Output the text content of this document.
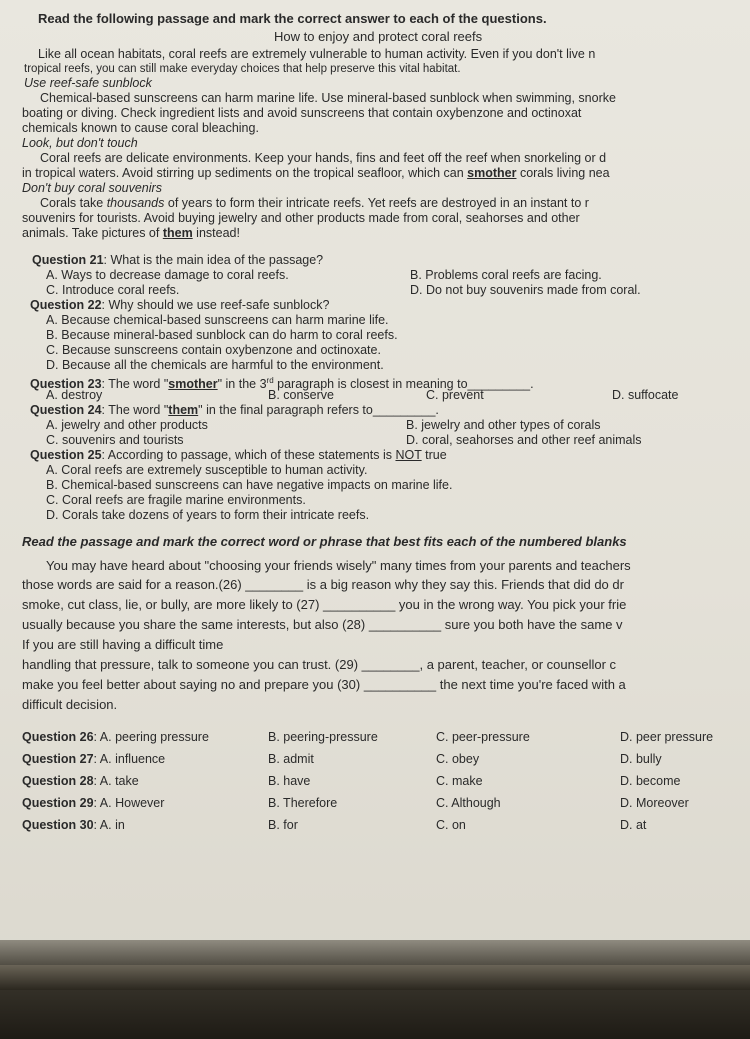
Read the following passage and mark the correct answer to each of the questions.
How to enjoy and protect coral reefs
Like all ocean habitats, coral reefs are extremely vulnerable to human activity. Even if you don't live n
tropical reefs, you can still make everyday choices that help preserve this vital habitat.
Use reef-safe sunblock
Chemical-based sunscreens can harm marine life. Use mineral-based sunblock when swimming, snorke
boating or diving. Check ingredient lists and avoid sunscreens that contain oxybenzone and octinoxat
chemicals known to cause coral bleaching.
Look, but don't touch
Coral reefs are delicate environments. Keep your hands, fins and feet off the reef when snorkeling or d
in tropical waters. Avoid stirring up sediments on the tropical seafloor, which can smother corals living nea
Don't buy coral souvenirs
Corals take thousands of years to form their intricate reefs. Yet reefs are destroyed in an instant to r
souvenirs for tourists. Avoid buying jewelry and other products made from coral, seahorses and other
animals. Take pictures of them instead!
Question 21: What is the main idea of the passage?
A. Ways to decrease damage to coral reefs.	B. Problems coral reefs are facing.
C. Introduce coral reefs.	D. Do not buy souvenirs made from coral.
Question 22: Why should we use reef-safe sunblock?
A. Because chemical-based sunscreens can harm marine life.
B. Because mineral-based sunblock can do harm to coral reefs.
C. Because sunscreens contain oxybenzone and octinoxate.
D. Because all the chemicals are harmful to the environment.
Question 23: The word "smother" in the 3rd paragraph is closest in meaning to_________.
A. destroy	B. conserve	C. prevent	D. suffocate
Question 24: The word "them" in the final paragraph refers to_________.
A. jewelry and other products	B. jewelry and other types of corals
C. souvenirs and tourists	D. coral, seahorses and other reef animals
Question 25: According to passage, which of these statements is NOT true
A. Coral reefs are extremely susceptible to human activity.
B. Chemical-based sunscreens can have negative impacts on marine life.
C. Coral reefs are fragile marine environments.
D. Corals take dozens of years to form their intricate reefs.
Read the passage and mark the correct word or phrase that best fits each of the numbered blanks
You may have heard about "choosing your friends wisely" many times from your parents and teachers
those words are said for a reason.(26) ________ is a big reason why they say this. Friends that did do dr
smoke, cut class, lie, or bully, are more likely to (27) __________ you in the wrong way. You pick your frie
usually because you share the same interests, but also (28) __________ sure you both have the same v
If you are still having a difficult time
handling that pressure, talk to someone you can trust. (29) ________, a parent, teacher, or counsellor c
make you feel better about saying no and prepare you (30) __________ the next time you're faced with a
difficult decision.
Question 26: A. peering pressure	B. peering-pressure	C. peer-pressure	D. peer pressure
Question 27: A. influence	B. admit	C. obey	D. bully
Question 28: A. take	B. have	C. make	D. become
Question 29: A. However	B. Therefore	C. Although	D. Moreover
Question 30: A. in	B. for	C. on	D. at
